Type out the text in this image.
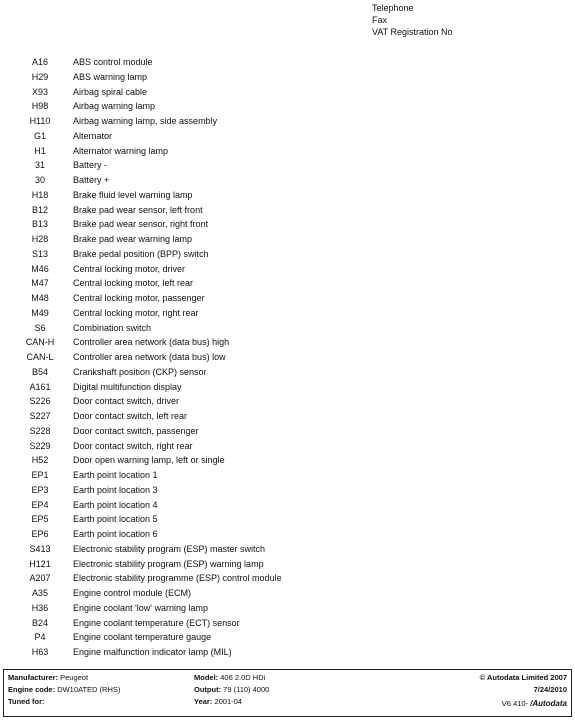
Telephone
Fax
VAT Registration No
A16	ABS control module
H29	ABS warning lamp
X93	Airbag spiral cable
H98	Airbag warning lamp
H110	Airbag warning lamp, side assembly
G1	Alternator
H1	Alternator warning lamp
31	Battery -
30	Battery +
H18	Brake fluid level warning lamp
B12	Brake pad wear sensor, left front
B13	Brake pad wear sensor, right front
H28	Brake pad wear warning lamp
S13	Brake pedal position (BPP) switch
M46	Central locking motor, driver
M47	Central locking motor, left rear
M48	Central locking motor, passenger
M49	Central locking motor, right rear
S6	Combination switch
CAN-H	Controller area network (data bus) high
CAN-L	Controller area network (data bus) low
B54	Crankshaft position (CKP) sensor
A161	Digital multifunction display
S226	Door contact switch, driver
S227	Door contact switch, left rear
S228	Door contact switch, passenger
S229	Door contact switch, right rear
H52	Door open warning lamp, left or single
EP1	Earth point location 1
EP3	Earth point location 3
EP4	Earth point location 4
EP5	Earth point location 5
EP6	Earth point location 6
S413	Electronic stability program (ESP) master switch
H121	Electronic stability program (ESP) warning lamp
A207	Electronic stability programme (ESP) control module
A35	Engine control module (ECM)
H36	Engine coolant 'low' warning lamp
B24	Engine coolant temperature (ECT) sensor
P4	Engine coolant temperature gauge
H63	Engine malfunction indicator lamp (MIL)
Manufacturer: Peugeot
Engine code: DW10ATED (RHS)
Tuned for:
Model: 406 2.0D HDi
Output: 79 (110) 4000
Year: 2001-04
© Autodata Limited 2007
7/24/2010
V6.410- /Autodata
